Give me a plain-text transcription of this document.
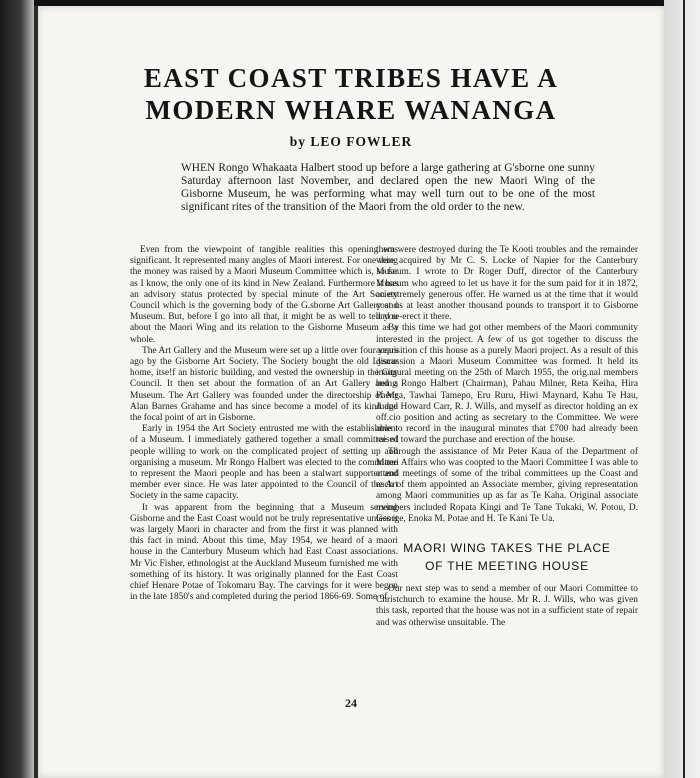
EAST COAST TRIBES HAVE A
MODERN WHARE WANANGA
by LEO FOWLER
WHEN Rongo Whakaata Halbert stood up before a large gathering at G'sborne one sunny Saturday afternoon last November, and declared open the new Maori Wing of the Gisborne Museum, he was performing what may well turn out to be one of the most significant rites of the transition of the Maori from the old order to the new.

Even from the viewpoint of tangible realities this opening was significant. It represented many angles of Maori interest. For one thing the money was raised by a Maori Museum Committee which is, so far as I know, the only one of its kind in New Zealand. Furthermore it has an advisory status protected by special minute of the Art Society Council which is the governing body of the G.sborne Art Gallery and Museum. But, before I go into all that, it might be as well to tell you about the Maori Wing and its relation to the Gisborne Museum as a whole.

The Art Gallery and the Museum were set up a little over four years ago by the Gisborne Art Society. The Society bought the old Lysnar home, itse!f an historic building, and vested the ownership in the City Council. It then set about the formation of an Art Gallery and a Museum. The Art Gallery was founded under the directorship of Mr Alan Barnes Grahame and has since become a model of its kind and the focal point of art in Gisborne.

Early in 1954 the Art Society entrusted me with the establishment of a Museum. I immediately gathered together a small committee of people willing to work on the complicated project of setting up and organising a museum. Mr Rongo Halbert was elected to the committee to represent the Maori people and has been a stalwart supporter and member ever since. He was later appointed to the Council of the Art Society in the same capacity.

It was apparent from the beginning that a Museum serving Gisborne and the East Coast would not be truly representative unless it was largely Maori in character and from the first it was planned with this fact in mind. About this time, May 1954, we heard of a maori house in the Canterbury Museum which had East Coast associations. Mr Vic Fisher, ethnologist at the Auckland Museum furnished me with something of its history. It was originally planned for the East Coast chief Henare Potae of Tokomaru Bay. The carvings for it were begun in the late 1850's and completed during the period 1866-69. Some of

them were destroyed during the Te Kooti troubles and the remainder were acquired by Mr C. S. Locke of Napier for the Canterbury Museum. I wrote to Dr Roger Duff, director of the Canterbury Museum who agreed to let us have it for the sum paid for it in 1872, an extremely generous offer. He warned us at the time that it would cost us at least another thousand pounds to transport it to Gisborne and re-erect it there.

By this time we had got other members of the Maori community interested in the project. A few of us got together to discuss the acquisition cf this house as a purely Maori project. As a result of this discussion a Maori Museum Committee was formed. It held its inaugural meeting on the 25th of March 1955, the orig.nal members being Rongo Halbert (Chairman), Pahau Milner, Reta Keiha, Hira Paenga, Tawhai Tamepo, Eru Ruru, Hiwi Maynard, Kahu Te Hau, Judge Howard Carr, R. J. Wills, and myself as director holding an ex off.cio position and acting as secretary to the Committee. We were able to record in the inaugural minutes that £700 had already been raised toward the purchase and erection of the house.

Through the assistance of Mr Peter Kaua of the Department of Maori Affairs who was coopted to the Maori Committee I was able to attend meetings of some of the tribal committees up the Coast and each of them appointed an Associate member, giving representation among Maori communities up as far as Te Kaha. Original associate members included Ropata Kingi and Te Tane Tukaki, W. Potou, D. George, Enoka M. Potae and H. Te Kani Te Ua.

MAORI WING TAKES THE PLACE
OF THE MEETING HOUSE

Our next step was to send a member of our Maori Committee to Christchurch to examine the house. Mr R. J. Wills, who was given this task, reported that the house was not in a sufficient state of repair and was otherwise unsuitable. The

24
